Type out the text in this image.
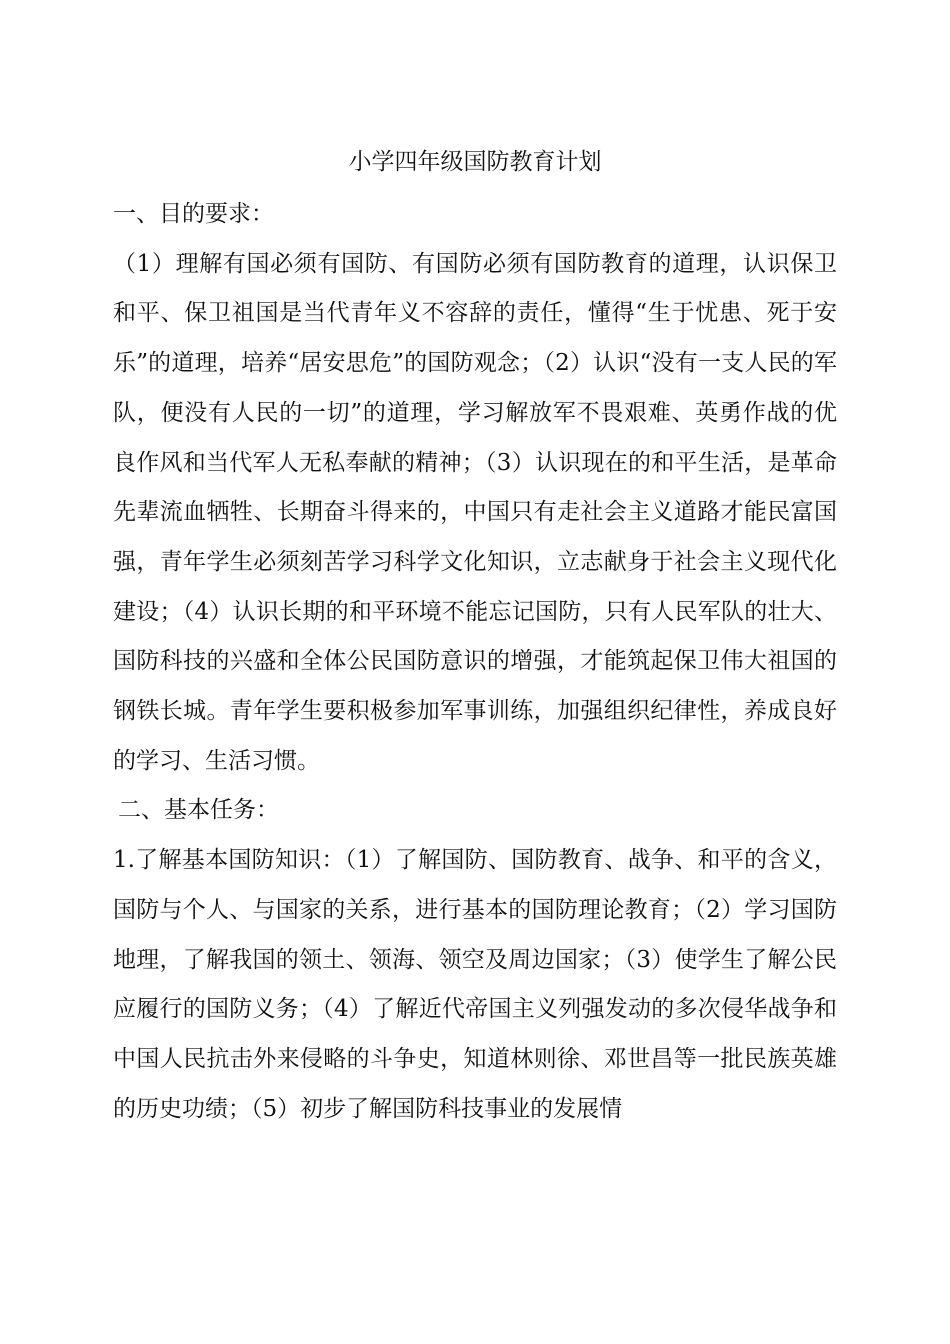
小学四年级国防教育计划

一、目的要求：

（1）理解有国必须有国防、有国防必须有国防教育的道理，认识保卫和平、保卫祖国是当代青年义不容辞的责任，懂得“生于忧患、死于安乐”的道理，培养“居安思危”的国防观念；（2）认识“没有一支人民的军队，便没有人民的一切”的道理，学习解放军不畏艰难、英勇作战的优良作风和当代军人无私奉献的精神；（3）认识现在的和平生活，是革命先辈流血牺牲、长期奋斗得来的，中国只有走社会主义道路才能民富国强，青年学生必须刻苦学习科学文化知识，立志献身于社会主义现代化建设；（4）认识长期的和平环境不能忘记国防，只有人民军队的壮大、国防科技的兴盛和全体公民国防意识的增强，才能筑起保卫伟大祖国的钢铁长城。青年学生要积极参加军事训练，加强组织纪律性，养成良好的学习、生活习惯。

二、基本任务：

1.了解基本国防知识：（1）了解国防、国防教育、战争、和平的含义，国防与个人、与国家的关系，进行基本的国防理论教育；（2）学习国防地理，了解我国的领土、领海、领空及周边国家；（3）使学生了解公民应履行的国防义务；（4）了解近代帝国主义列强发动的多次侵华战争和中国人民抗击外来侵略的斗争史，知道林则徐、邓世昌等一批民族英雄的历史功绩；（5）初步了解国防科技事业的发展情
